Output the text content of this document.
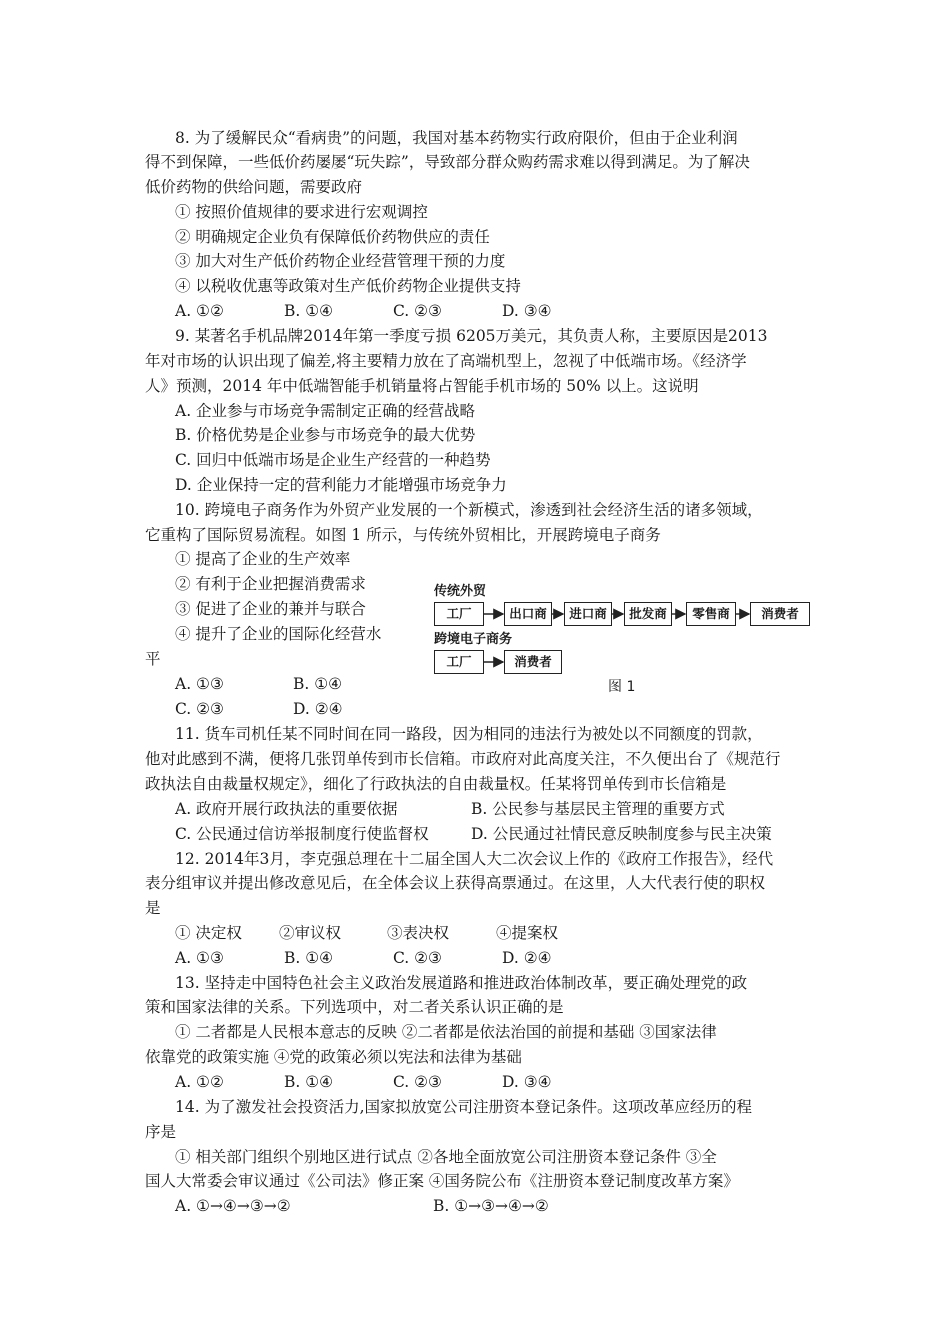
8. 为了缓解民众“看病贵”的问题，我国对基本药物实行政府限价，但由于企业利润
得不到保障，一些低价药屡屡“玩失踪”，导致部分群众购药需求难以得到满足。为了解决
低价药物的供给问题，需要政府
① 按照价值规律的要求进行宏观调控
② 明确规定企业负有保障低价药物供应的责任
③ 加大对生产低价药物企业经营管理干预的力度
④ 以税收优惠等政策对生产低价药物企业提供支持
A. ①②	B. ①④	C. ②③	D. ③④
9. 某著名手机品牌2014年第一季度亏损 6205万美元，其负责人称，主要原因是2013
年对市场的认识出现了偏差,将主要精力放在了高端机型上，忽视了中低端市场。《经济学
人》预测，2014 年中低端智能手机销量将占智能手机市场的 50% 以上。这说明
A. 企业参与市场竞争需制定正确的经营战略
B. 价格优势是企业参与市场竞争的最大优势
C. 回归中低端市场是企业生产经营的一种趋势
D. 企业保持一定的营利能力才能增强市场竞争力
10. 跨境电子商务作为外贸产业发展的一个新模式，渗透到社会经济生活的诸多领域，
它重构了国际贸易流程。如图 1 所示，与传统外贸相比，开展跨境电子商务
① 提高了企业的生产效率
② 有利于企业把握消费需求
③ 促进了企业的兼并与联合
④ 提升了企业的国际化经营水
平
A. ①③	B. ①④
C. ②③	D. ②④
传统外贸
工厂	出口商	进口商	批发商	零售商	消费者
跨境电子商务
工厂	消费者
图 1
11. 货车司机任某不同时间在同一路段，因为相同的违法行为被处以不同额度的罚款，
他对此感到不满，便将几张罚单传到市长信箱。市政府对此高度关注，不久便出台了《规范行
政执法自由裁量权规定》，细化了行政执法的自由裁量权。任某将罚单传到市长信箱是
A. 政府开展行政执法的重要依据	B. 公民参与基层民主管理的重要方式
C. 公民通过信访举报制度行使监督权	D. 公民通过社情民意反映制度参与民主决策
12. 2014年3月，李克强总理在十二届全国人大二次会议上作的《政府工作报告》，经代
表分组审议并提出修改意见后，在全体会议上获得高票通过。在这里，人大代表行使的职权
是
① 决定权 ②审议权	③表决权	④提案权
A. ①③	B. ①④	C. ②③	D. ②④
13. 坚持走中国特色社会主义政治发展道路和推进政治体制改革，要正确处理党的政
策和国家法律的关系。下列选项中，对二者关系认识正确的是
① 二者都是人民根本意志的反映 ②二者都是依法治国的前提和基础 ③国家法律
依靠党的政策实施 ④党的政策必须以宪法和法律为基础
A. ①②	B. ①④	C. ②③	D. ③④
14. 为了激发社会投资活力,国家拟放宽公司注册资本登记条件。这项改革应经历的程
序是
① 相关部门组织个别地区进行试点 ②各地全面放宽公司注册资本登记条件 ③全
国人大常委会审议通过《公司法》修正案 ④国务院公布《注册资本登记制度改革方案》
A. ①→④→③→②	B. ①→③→④→②
